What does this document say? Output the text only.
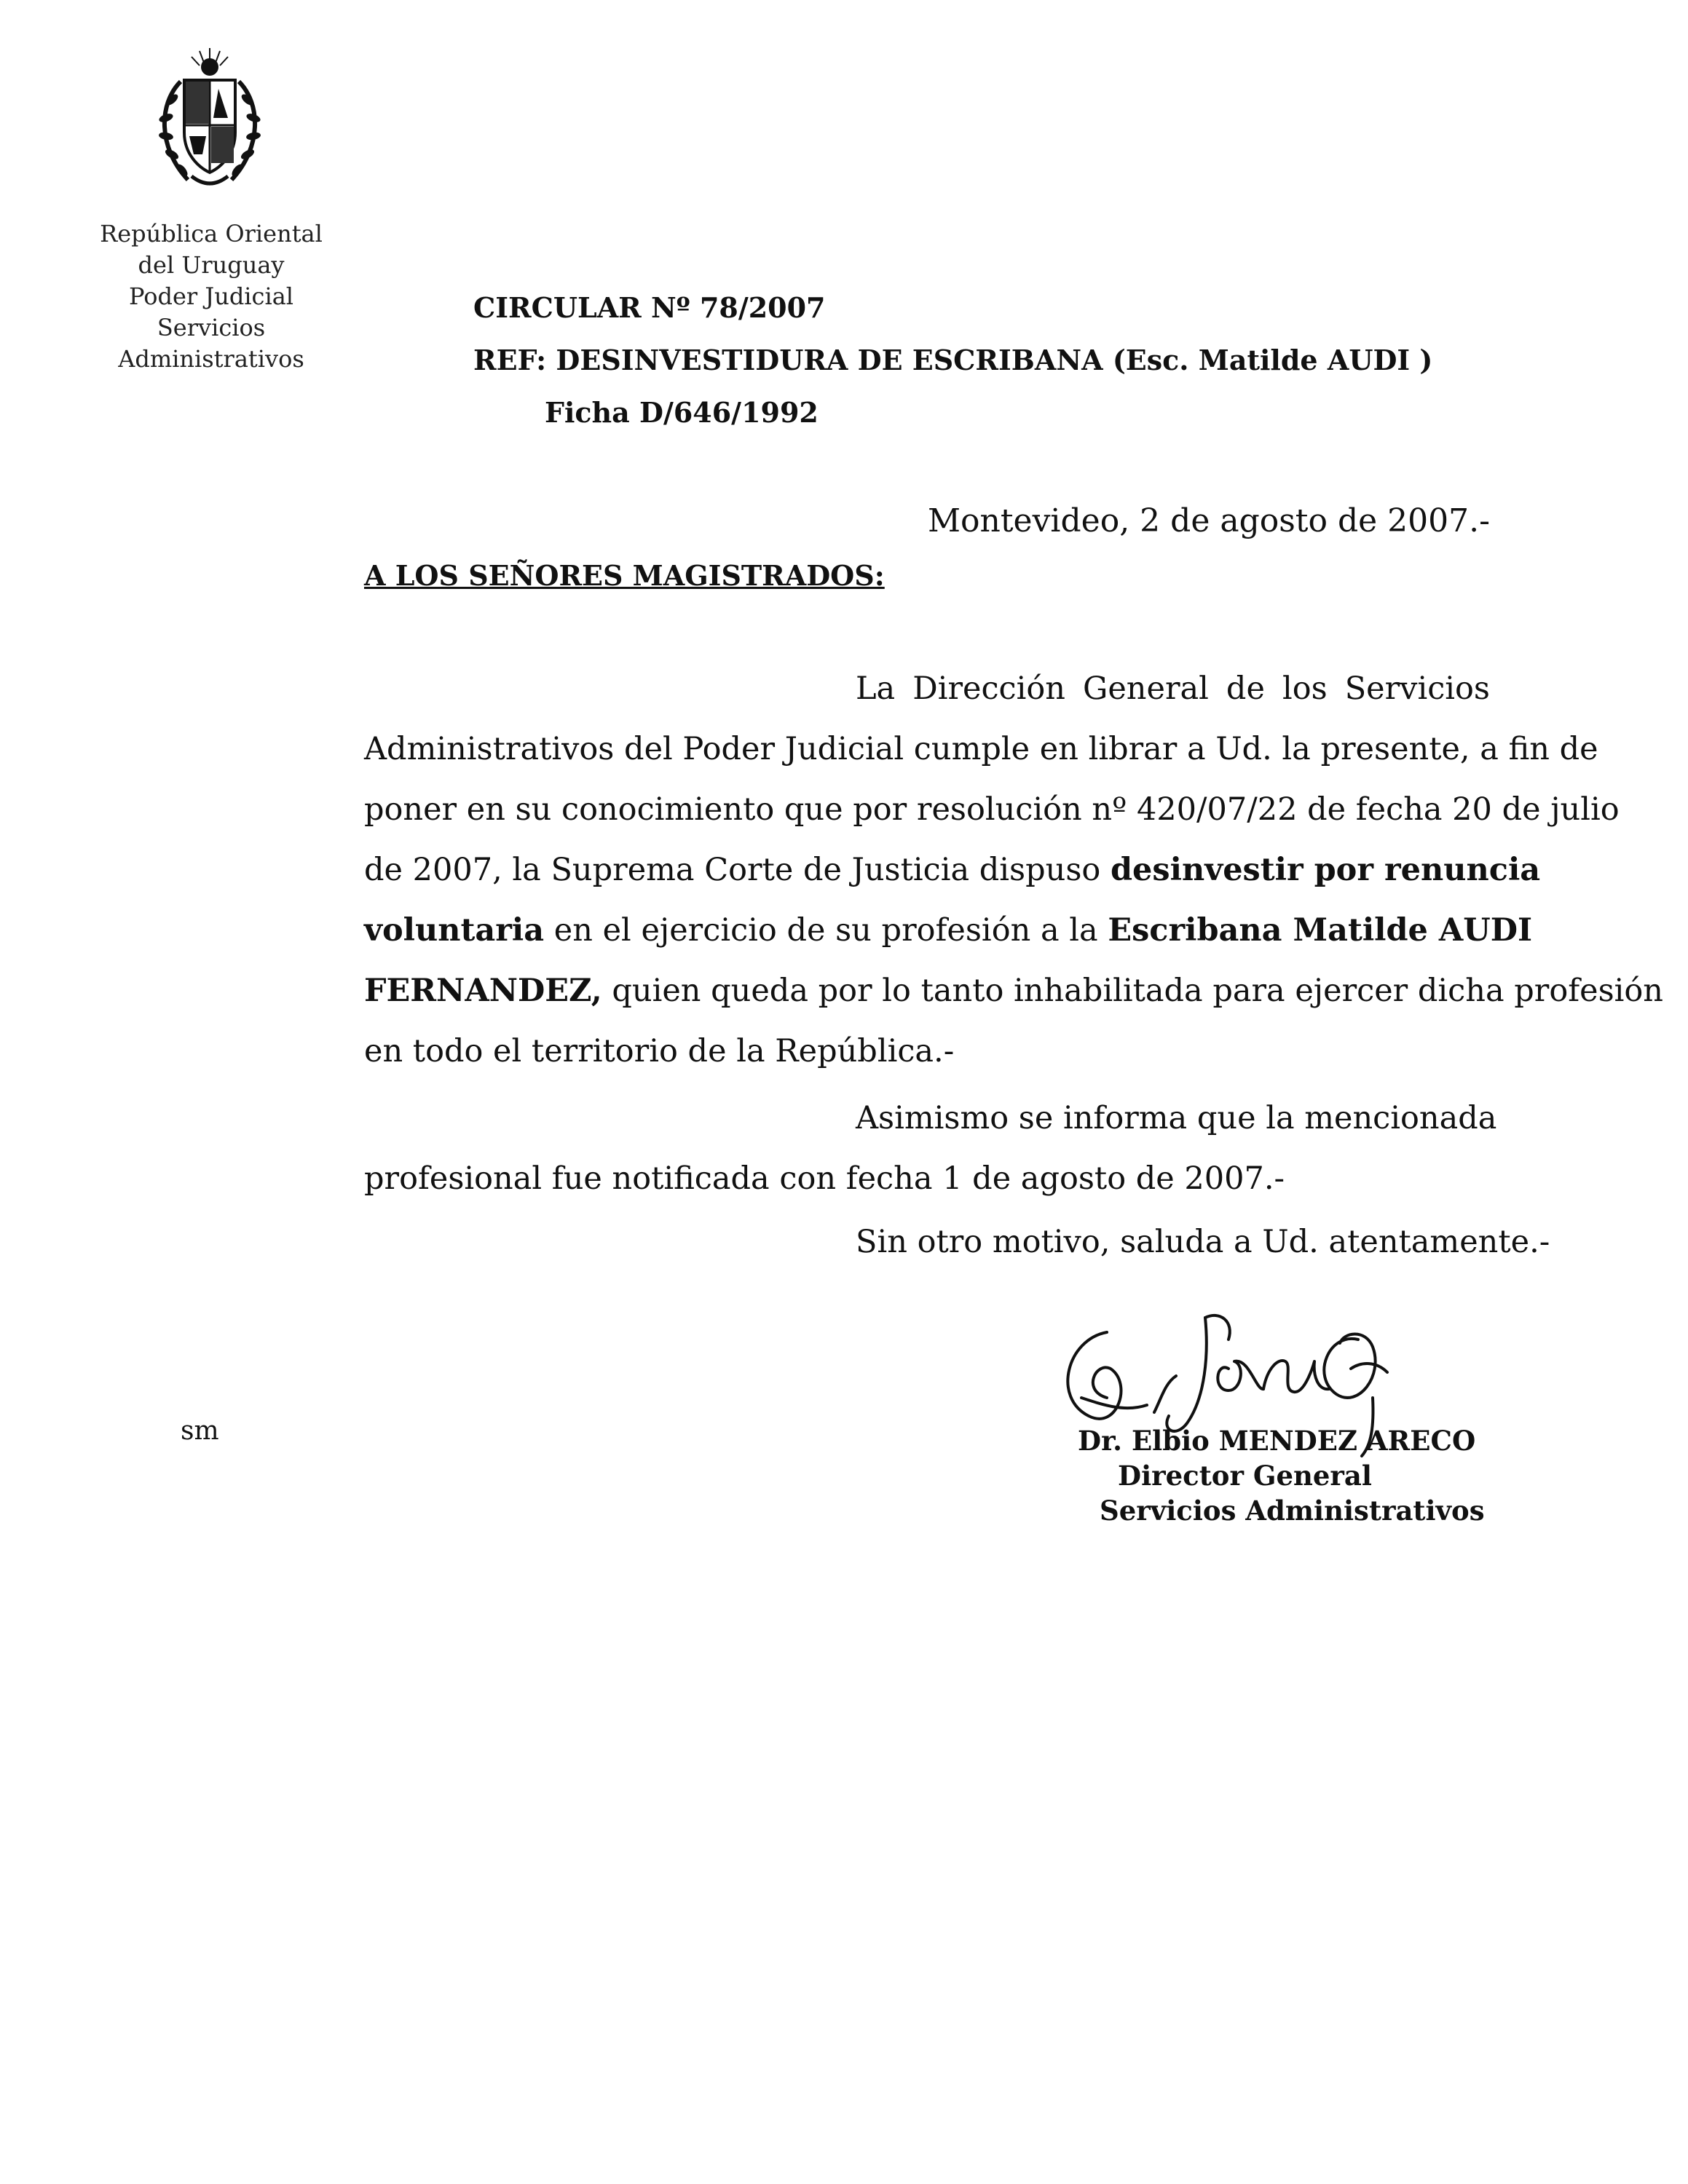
República Oriental
del Uruguay
Poder Judicial
Servicios
Administrativos
CIRCULAR Nº 78/2007
REF: DESINVESTIDURA DE ESCRIBANA (Esc. Matilde AUDI )
Ficha D/646/1992
Montevideo, 2 de agosto de 2007.-
A LOS SEÑORES MAGISTRADOS:
La Dirección General de los Servicios
Administrativos del Poder Judicial cumple en librar a Ud. la presente, a fin de
poner en su conocimiento que por resolución nº 420/07/22 de fecha 20 de julio
de 2007, la Suprema Corte de Justicia dispuso desinvestir por renuncia
voluntaria en el ejercicio de su profesión a la Escribana Matilde AUDI
FERNANDEZ, quien queda por lo tanto inhabilitada para ejercer dicha profesión
en todo el territorio de la República.-
Asimismo se informa que la mencionada
profesional fue notificada con fecha 1 de agosto de 2007.-
Sin otro motivo, saluda a Ud. atentamente.-
sm	Dr. Elbio MENDEZ ARECO
Director General
Servicios Administrativos
